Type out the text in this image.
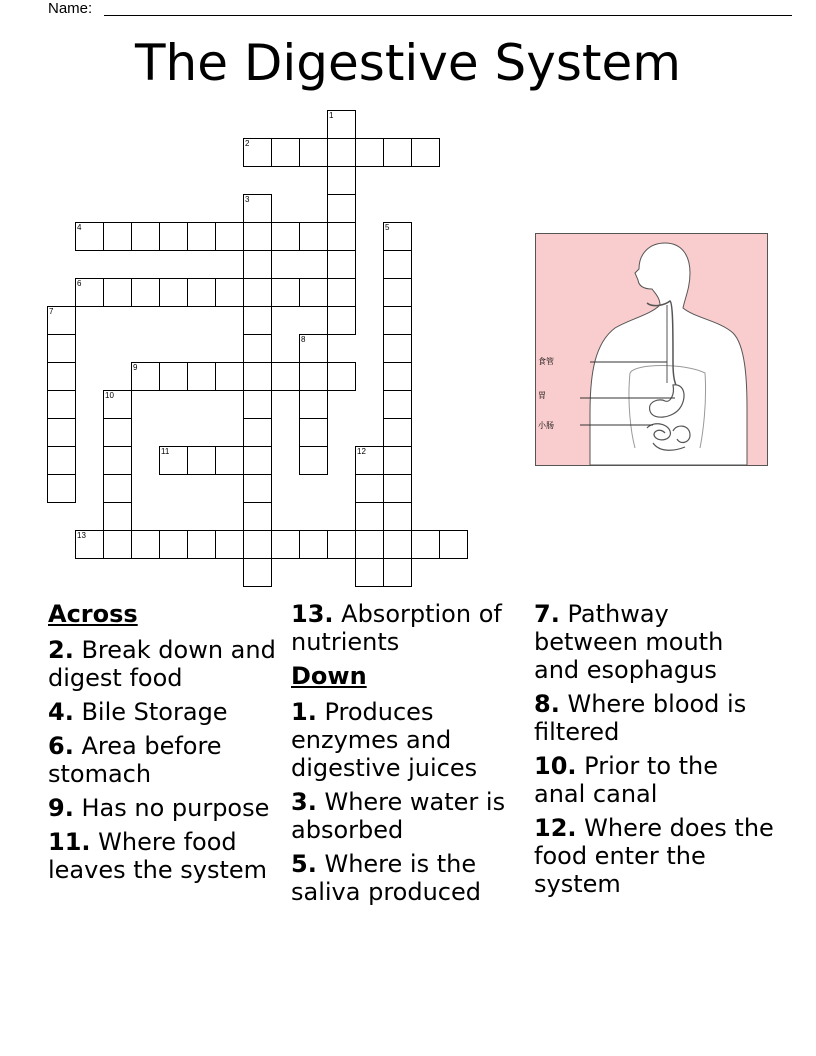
Name:
The Digestive System
1
2
3
4	5
6
7
8
9
10
11	12
13
食管
胃
小肠
Across
2. Break down and digest food
4. Bile Storage
6. Area before stomach
9. Has no purpose
11. Where food leaves the system
13. Absorption of nutrients
Down
1. Produces enzymes and digestive juices
3. Where water is absorbed
5. Where is the saliva produced
7. Pathway between mouth and esophagus
8. Where blood is filtered
10. Prior to the anal canal
12. Where does the food enter the system
